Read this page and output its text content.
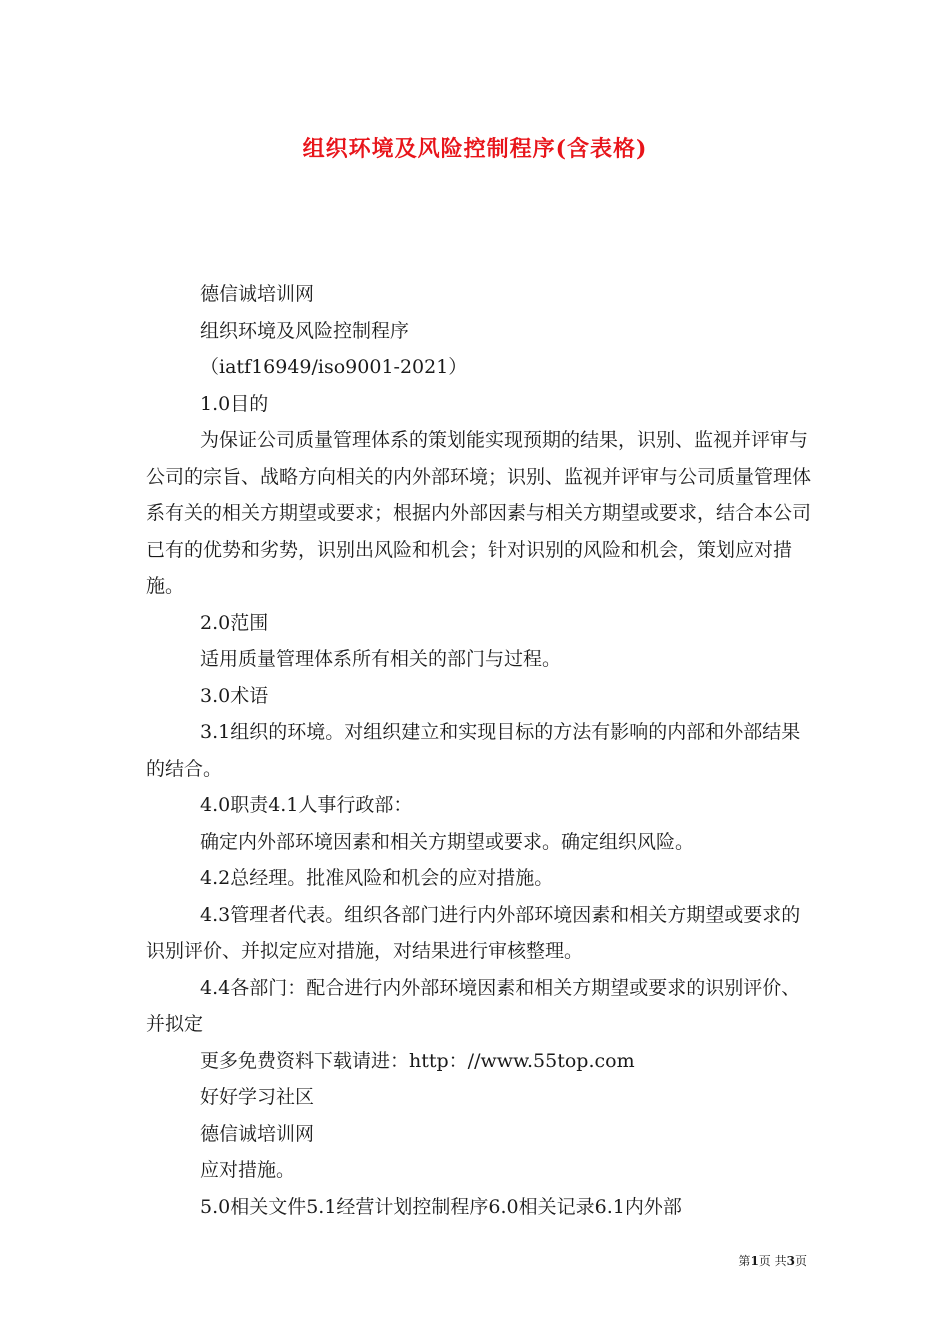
组织环境及风险控制程序(含表格)

德信诚培训网

组织环境及风险控制程序

（iatf16949/iso9001-2021）

1.0目的

为保证公司质量管理体系的策划能实现预期的结果，识别、监视并评审与公司的宗旨、战略方向相关的内外部环境；识别、监视并评审与公司质量管理体系有关的相关方期望或要求；根据内外部因素与相关方期望或要求，结合本公司已有的优势和劣势，识别出风险和机会；针对识别的风险和机会，策划应对措施。

2.0范围

适用质量管理体系所有相关的部门与过程。

3.0术语

3.1组织的环境。对组织建立和实现目标的方法有影响的内部和外部结果的结合。

4.0职责4.1人事行政部：

确定内外部环境因素和相关方期望或要求。确定组织风险。

4.2总经理。批准风险和机会的应对措施。

4.3管理者代表。组织各部门进行内外部环境因素和相关方期望或要求的识别评价、并拟定应对措施，对结果进行审核整理。

4.4各部门：配合进行内外部环境因素和相关方期望或要求的识别评价、并拟定

更多免费资料下载请进：http：//www.55top.com

好好学习社区

德信诚培训网

应对措施。

5.0相关文件5.1经营计划控制程序6.0相关记录6.1内外部

第1页 共3页
